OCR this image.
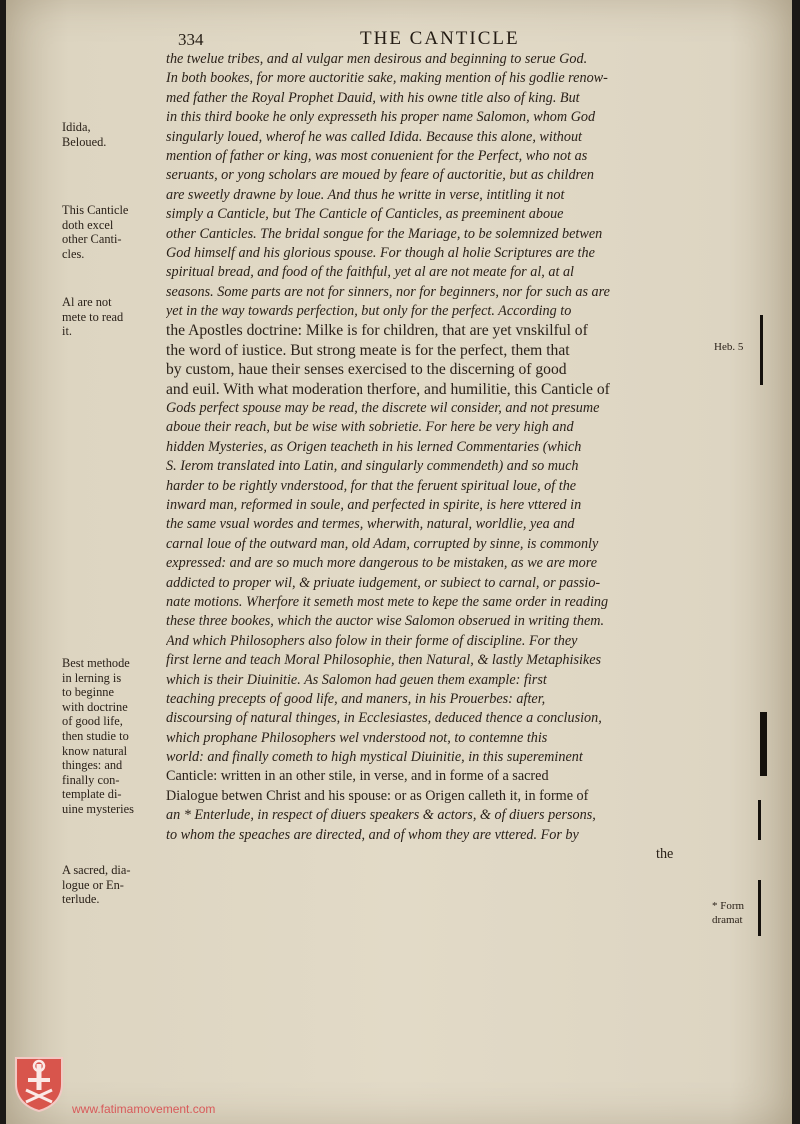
334	THE CANTICLE
the twelue tribes, and al vulgar men desirous and beginning to serue God.
In both bookes, for more auctoritie sake, making mention of his godlie renow-
med father the Royal Prophet Dauid, with his owne title also of king. But
in this third booke he only expresseth his proper name Salomon, whom God
singularly loued, wherof he was called Idida. Because this alone, without
mention of father or king, was most conuenient for the Perfect, who not as
seruants, or yong scholars are moued by feare of auctoritie, but as children
are sweetly drawne by loue. And thus he writte in verse, intitling it not
simply a Canticle, but The Canticle of Canticles, as preeminent aboue
other Canticles. The bridal songue for the Mariage, to be solemnized betwen
God himself and his glorious spouse. For though al holie Scriptures are the
spiritual bread, and food of the faithful, yet al are not meate for al, at al
seasons. Some parts are not for sinners, nor for beginners, nor for such as are
yet in the way towards perfection, but only for the perfect. According to
the Apostles doctrine: Milke is for children, that are yet vnskilful of
the word of iustice. But strong meate is for the perfect, them that
by custom, haue their senses exercised to the discerning of good
and euil. With what moderation therfore, and humilitie, this Canticle of
Gods perfect spouse may be read, the discrete wil consider, and not presume
aboue their reach, but be wise with sobrietie. For here be very high and
hidden Mysteries, as Origen teacheth in his lerned Commentaries (which
S. Ierom translated into Latin, and singularly commendeth) and so much
harder to be rightly vnderstood, for that the feruent spiritual loue, of the
inward man, reformed in soule, and perfected in spirite, is here vttered in
the same vsual wordes and termes, wherwith, natural, worldlie, yea and
carnal loue of the outward man, old Adam, corrupted by sinne, is commonly
expressed: and are so much more dangerous to be mistaken, as we are more
addicted to proper wil, & priuate iudgement, or subiect to carnal, or passio-
nate motions. Wherfore it semeth most mete to kepe the same order in reading
these three bookes, which the auctor wise Salomon obserued in writing them.
And which Philosophers also folow in their forme of discipline. For they
first lerne and teach Moral Philosophie, then Natural, & lastly Metaphisikes
which is their Diuinitie. As Salomon had geuen them example: first
teaching precepts of good life, and maners, in his Prouerbes: after,
discoursing of natural thinges, in Ecclesiastes, deduced thence a conclusion,
which prophane Philosophers wel vnderstood not, to contemne this
world: and finally cometh to high mystical Diuinitie, in this supereminent
Canticle: written in an other stile, in verse, and in forme of a sacred
Dialogue betwen Christ and his spouse: or as Origen calleth it, in forme of
an * Enterlude, in respect of diuers speakers & actors, & of diuers persons,
to whom the speaches are directed, and of whom they are vttered. For by
the
Idida,
Beloued.
This Canticle
doth excel
other Canti-
cles.
Al are not
mete to read
it.
Best methode
in lerning is
to beginne
with doctrine
of good life,
then studie to
know natural
thinges: and
finally con-
template di-
uine mysteries
A sacred, dia-
logue or En-
terlude.
Heb. 5
* Form
dramat
www.fatimamovement.com
